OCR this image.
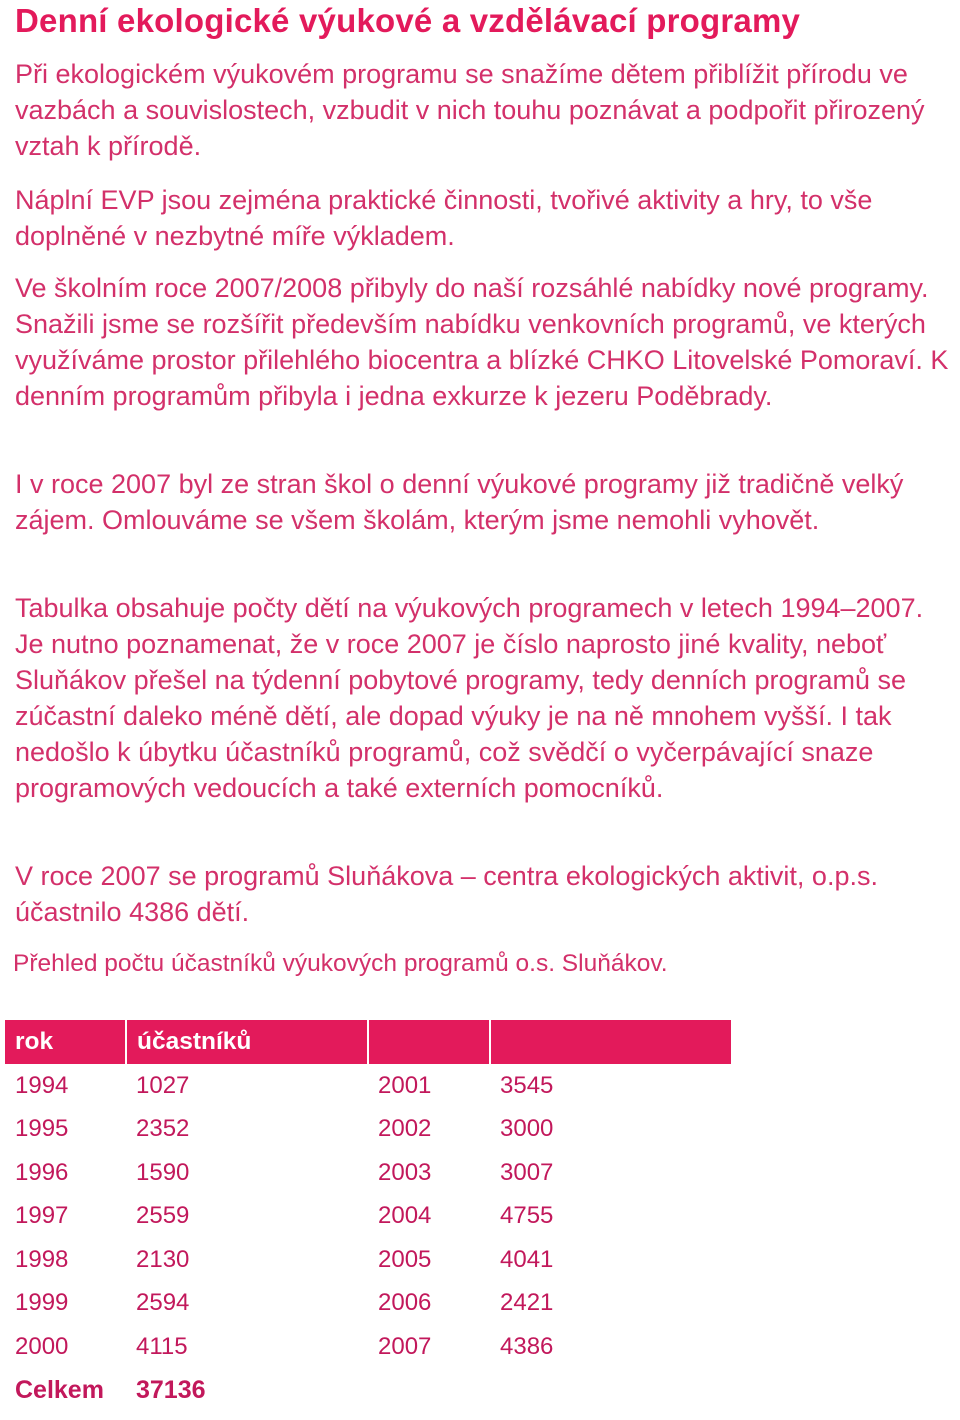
Denní ekologické výukové a vzdělávací programy

Při ekologickém výukovém programu se snažíme dětem přiblížit přírodu ve vazbách a souvislostech, vzbudit v nich touhu poznávat a podpořit přirozený vztah k přírodě.

Náplní EVP jsou zejména praktické činnosti, tvořivé aktivity a hry, to vše doplněné v nezbytné míře výkladem.

Ve školním roce 2007/2008 přibyly do naší rozsáhlé nabídky nové programy. Snažili jsme se rozšířit především nabídku venkovních programů, ve kterých využíváme prostor přilehlého biocentra a blízké CHKO Litovelské Pomoraví. K denním programům přibyla i jedna exkurze k jezeru Poděbrady.

I v roce 2007 byl ze stran škol o denní výukové programy již tradičně velký zájem. Omlouváme se všem školám, kterým jsme nemohli vyhovět.

Tabulka obsahuje počty dětí na výukových programech v letech 1994–2007. Je nutno poznamenat, že v roce 2007 je číslo naprosto jiné kvality, neboť Sluňákov přešel na týdenní pobytové programy, tedy denních programů se zúčastní daleko méně dětí, ale dopad výuky je na ně mnohem vyšší. I tak nedošlo k úbytku účastníků programů, což svědčí o vyčerpávající snaze programových vedoucích a také externích pomocníků.

V roce 2007 se programů Sluňákova – centra ekologických aktivit, o.p.s. účastnilo 4386 dětí.

Přehled počtu účastníků výukových programů o.s. Sluňákov.

rok	účastníků		
1994	1027	2001	3545
1995	2352	2002	3000
1996	1590	2003	3007
1997	2559	2004	4755
1998	2130	2005	4041
1999	2594	2006	2421
2000	4115	2007	4386
Celkem	37136		
